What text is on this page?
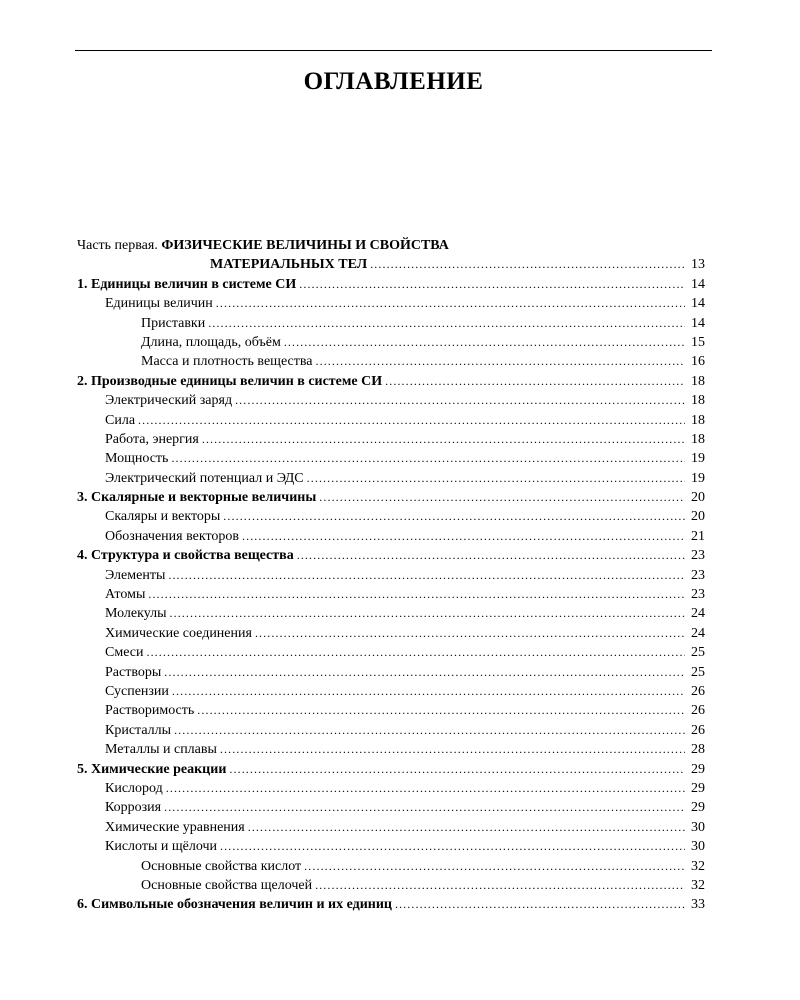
ОГЛАВЛЕНИЕ
Часть первая. ФИЗИЧЕСКИЕ ВЕЛИЧИНЫ И СВОЙСТВА
МАТЕРИАЛЬНЫХ ТЕЛ .....	13
1. Единицы величин в системе СИ .....	14
Единицы величин .....	14
Приставки .....	14
Длина, площадь, объём .....	15
Масса и плотность вещества .....	16
2. Производные единицы величин в системе СИ .....	18
Электрический заряд .....	18
Сила .....	18
Работа, энергия .....	18
Мощность .....	19
Электрический потенциал и ЭДС .....	19
3. Скалярные и векторные величины .....	20
Скаляры и векторы .....	20
Обозначения векторов .....	21
4. Структура и свойства вещества .....	23
Элементы .....	23
Атомы .....	23
Молекулы .....	24
Химические соединения .....	24
Смеси .....	25
Растворы .....	25
Суспензии .....	26
Растворимость .....	26
Кристаллы .....	26
Металлы и сплавы .....	28
5. Химические реакции .....	29
Кислород .....	29
Коррозия .....	29
Химические уравнения .....	30
Кислоты и щёлочи .....	30
Основные свойства кислот .....	32
Основные свойства щелочей .....	32
6. Символьные обозначения величин и их единиц .....	33
